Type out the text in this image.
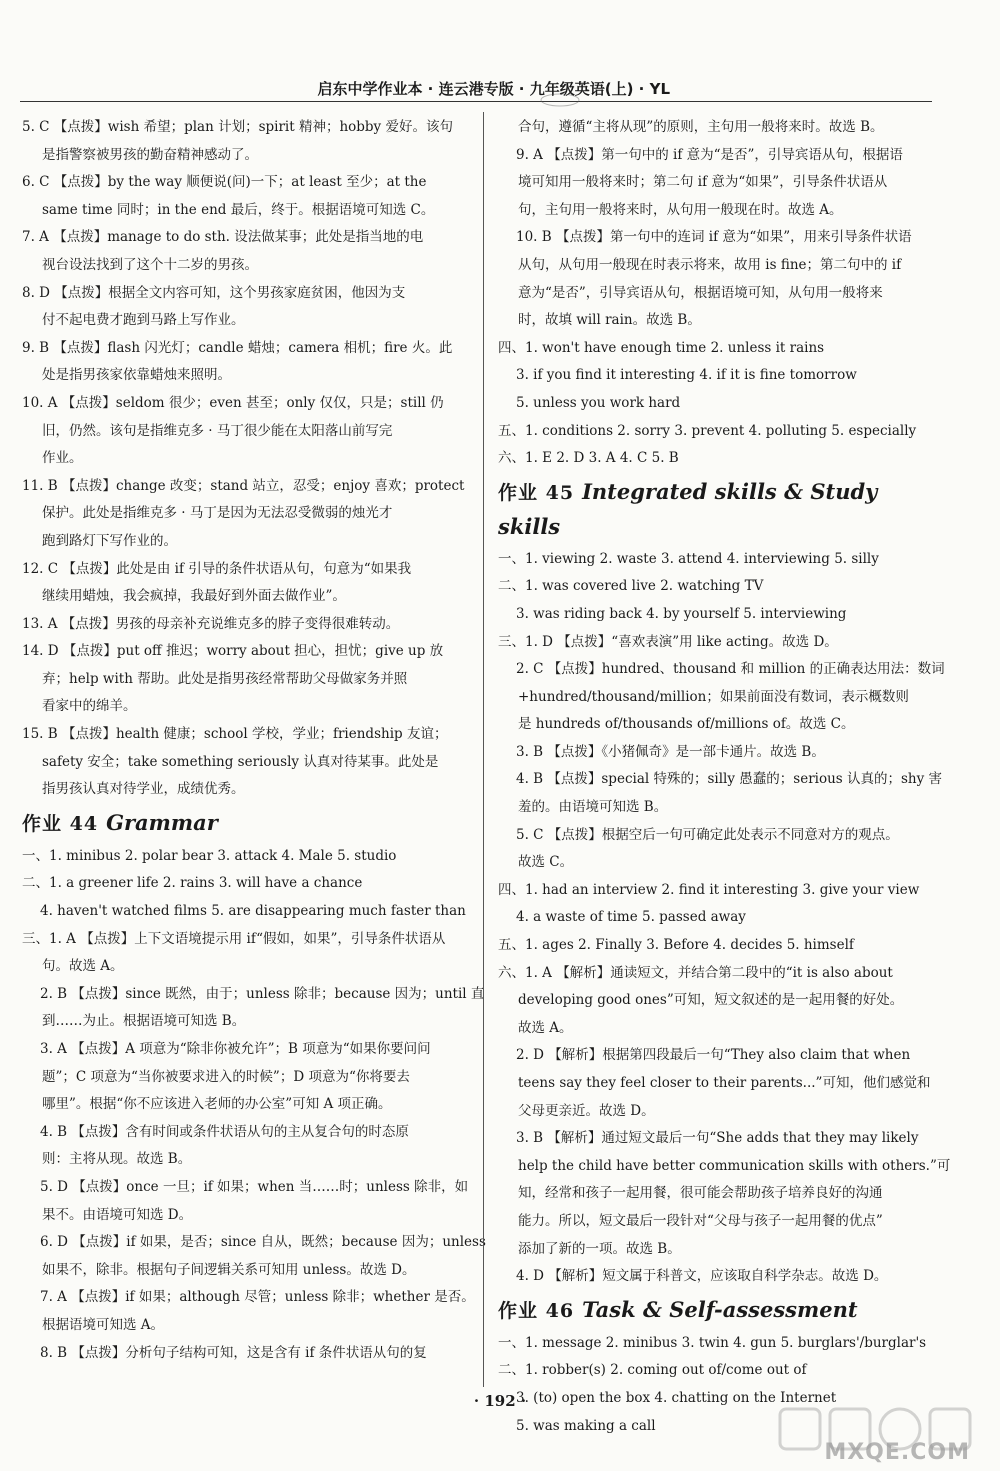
启东中学作业本 · 连云港专版 · 九年级英语(上) · YL
5. C 【点拨】wish 希望；plan 计划；spirit 精神；hobby 爱好。该句
是指警察被男孩的勤奋精神感动了。
6. C 【点拨】by the way 顺便说(问)一下；at least 至少；at the
same time 同时；in the end 最后，终于。根据语境可知选 C。
7. A 【点拨】manage to do sth. 设法做某事；此处是指当地的电
视台设法找到了这个十二岁的男孩。
8. D 【点拨】根据全文内容可知，这个男孩家庭贫困，他因为支
付不起电费才跑到马路上写作业。
9. B 【点拨】flash 闪光灯；candle 蜡烛；camera 相机；fire 火。此
处是指男孩家依靠蜡烛来照明。
10. A 【点拨】seldom 很少；even 甚至；only 仅仅，只是；still 仍
旧，仍然。该句是指维克多 · 马丁很少能在太阳落山前写完
作业。
11. B 【点拨】change 改变；stand 站立，忍受；enjoy 喜欢；protect
保护。此处是指维克多 · 马丁是因为无法忍受微弱的烛光才
跑到路灯下写作业的。
12. C 【点拨】此处是由 if 引导的条件状语从句，句意为“如果我
继续用蜡烛，我会疯掉，我最好到外面去做作业”。
13. A 【点拨】男孩的母亲补充说维克多的脖子变得很难转动。
14. D 【点拨】put off 推迟；worry about 担心，担忧；give up 放
弃；help with 帮助。此处是指男孩经常帮助父母做家务并照
看家中的绵羊。
15. B 【点拨】health 健康；school 学校，学业；friendship 友谊；
safety 安全；take something seriously 认真对待某事。此处是
指男孩认真对待学业，成绩优秀。
作业 44 Grammar
一、1. minibus 2. polar bear 3. attack 4. Male 5. studio
二、1. a greener life 2. rains 3. will have a chance
4. haven't watched films 5. are disappearing much faster than
三、1. A 【点拨】上下文语境提示用 if“假如，如果”，引导条件状语从
句。故选 A。
2. B 【点拨】since 既然，由于；unless 除非；because 因为；until 直
到……为止。根据语境可知选 B。
3. A 【点拨】A 项意为“除非你被允许”；B 项意为“如果你要问问
题”；C 项意为“当你被要求进入的时候”；D 项意为“你将要去
哪里”。根据“你不应该进入老师的办公室”可知 A 项正确。
4. B 【点拨】含有时间或条件状语从句的主从复合句的时态原
则：主将从现。故选 B。
5. D 【点拨】once 一旦；if 如果；when 当……时；unless 除非，如
果不。由语境可知选 D。
6. D 【点拨】if 如果，是否；since 自从，既然；because 因为；unless
如果不，除非。根据句子间逻辑关系可知用 unless。故选 D。
7. A 【点拨】if 如果；although 尽管；unless 除非；whether 是否。
根据语境可知选 A。
8. B 【点拨】分析句子结构可知，这是含有 if 条件状语从句的复
合句，遵循“主将从现”的原则，主句用一般将来时。故选 B。
9. A 【点拨】第一句中的 if 意为“是否”，引导宾语从句，根据语
境可知用一般将来时；第二句 if 意为“如果”，引导条件状语从
句，主句用一般将来时，从句用一般现在时。故选 A。
10. B 【点拨】第一句中的连词 if 意为“如果”，用来引导条件状语
从句，从句用一般现在时表示将来，故用 is fine；第二句中的 if
意为“是否”，引导宾语从句，根据语境可知，从句用一般将来
时，故填 will rain。故选 B。
四、1. won't have enough time 2. unless it rains
3. if you find it interesting 4. if it is fine tomorrow
5. unless you work hard
五、1. conditions 2. sorry 3. prevent 4. polluting 5. especially
六、1. E 2. D 3. A 4. C 5. B
作业 45 Integrated skills & Study skills
一、1. viewing 2. waste 3. attend 4. interviewing 5. silly
二、1. was covered live 2. watching TV
3. was riding back 4. by yourself 5. interviewing
三、1. D 【点拨】“喜欢表演”用 like acting。故选 D。
2. C 【点拨】hundred、thousand 和 million 的正确表达用法：数词
+hundred/thousand/million；如果前面没有数词，表示概数则
是 hundreds of/thousands of/millions of。故选 C。
3. B 【点拨】《小猪佩奇》是一部卡通片。故选 B。
4. B 【点拨】special 特殊的；silly 愚蠢的；serious 认真的；shy 害
羞的。由语境可知选 B。
5. C 【点拨】根据空后一句可确定此处表示不同意对方的观点。
故选 C。
四、1. had an interview 2. find it interesting 3. give your view
4. a waste of time 5. passed away
五、1. ages 2. Finally 3. Before 4. decides 5. himself
六、1. A 【解析】通读短文，并结合第二段中的“it is also about
developing good ones”可知，短文叙述的是一起用餐的好处。
故选 A。
2. D 【解析】根据第四段最后一句“They also claim that when
teens say they feel closer to their parents...”可知，他们感觉和
父母更亲近。故选 D。
3. B 【解析】通过短文最后一句“She adds that they may likely
help the child have better communication skills with others.”可
知，经常和孩子一起用餐，很可能会帮助孩子培养良好的沟通
能力。所以，短文最后一段针对“父母与孩子一起用餐的优点”
添加了新的一项。故选 B。
4. D 【解析】短文属于科普文，应该取自科学杂志。故选 D。
作业 46 Task & Self-assessment
一、1. message 2. minibus 3. twin 4. gun 5. burglars'/burglar's
二、1. robber(s) 2. coming out of/come out of
3. (to) open the box 4. chatting on the Internet
5. was making a call
· 192 ·
MXQE.COM
